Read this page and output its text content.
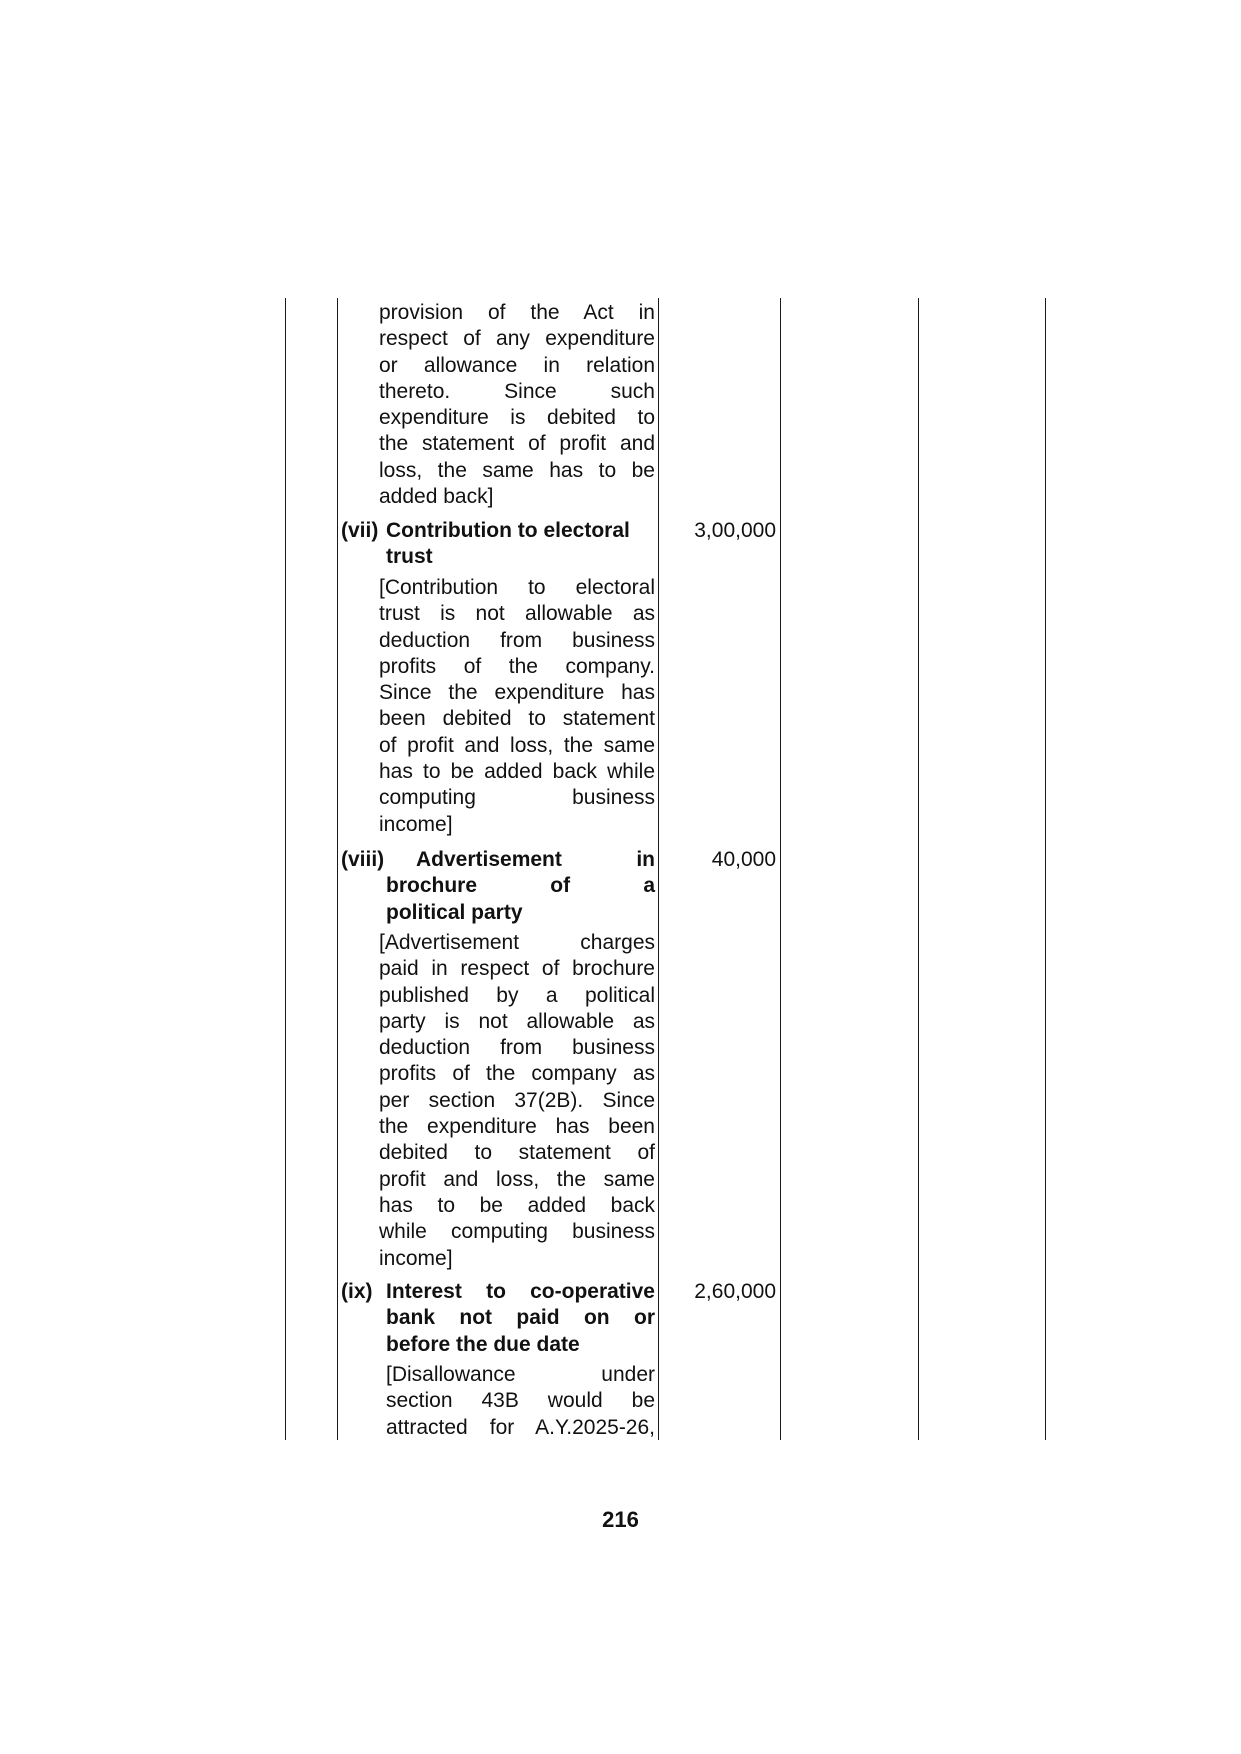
provision of the Act in
respect of any expenditure
or allowance in relation
thereto. Since such
expenditure is debited to
the statement of profit and
loss, the same has to be
added back]
(vii) Contribution to electoral
trust
3,00,000
[Contribution to electoral
trust is not allowable as
deduction from business
profits of the company.
Since the expenditure has
been debited to statement
of profit and loss, the same
has to be added back while
computing business
income]
(viii)	Advertisement in
brochure of a
political party
40,000
[Advertisement charges
paid in respect of brochure
published by a political
party is not allowable as
deduction from business
profits of the company as
per section 37(2B). Since
the expenditure has been
debited to statement of
profit and loss, the same
has to be added back
while computing business
income]
(ix) Interest to co-operative
bank not paid on or
before the due date
2,60,000
[Disallowance under
section 43B would be
attracted for A.Y.2025-26,
216
